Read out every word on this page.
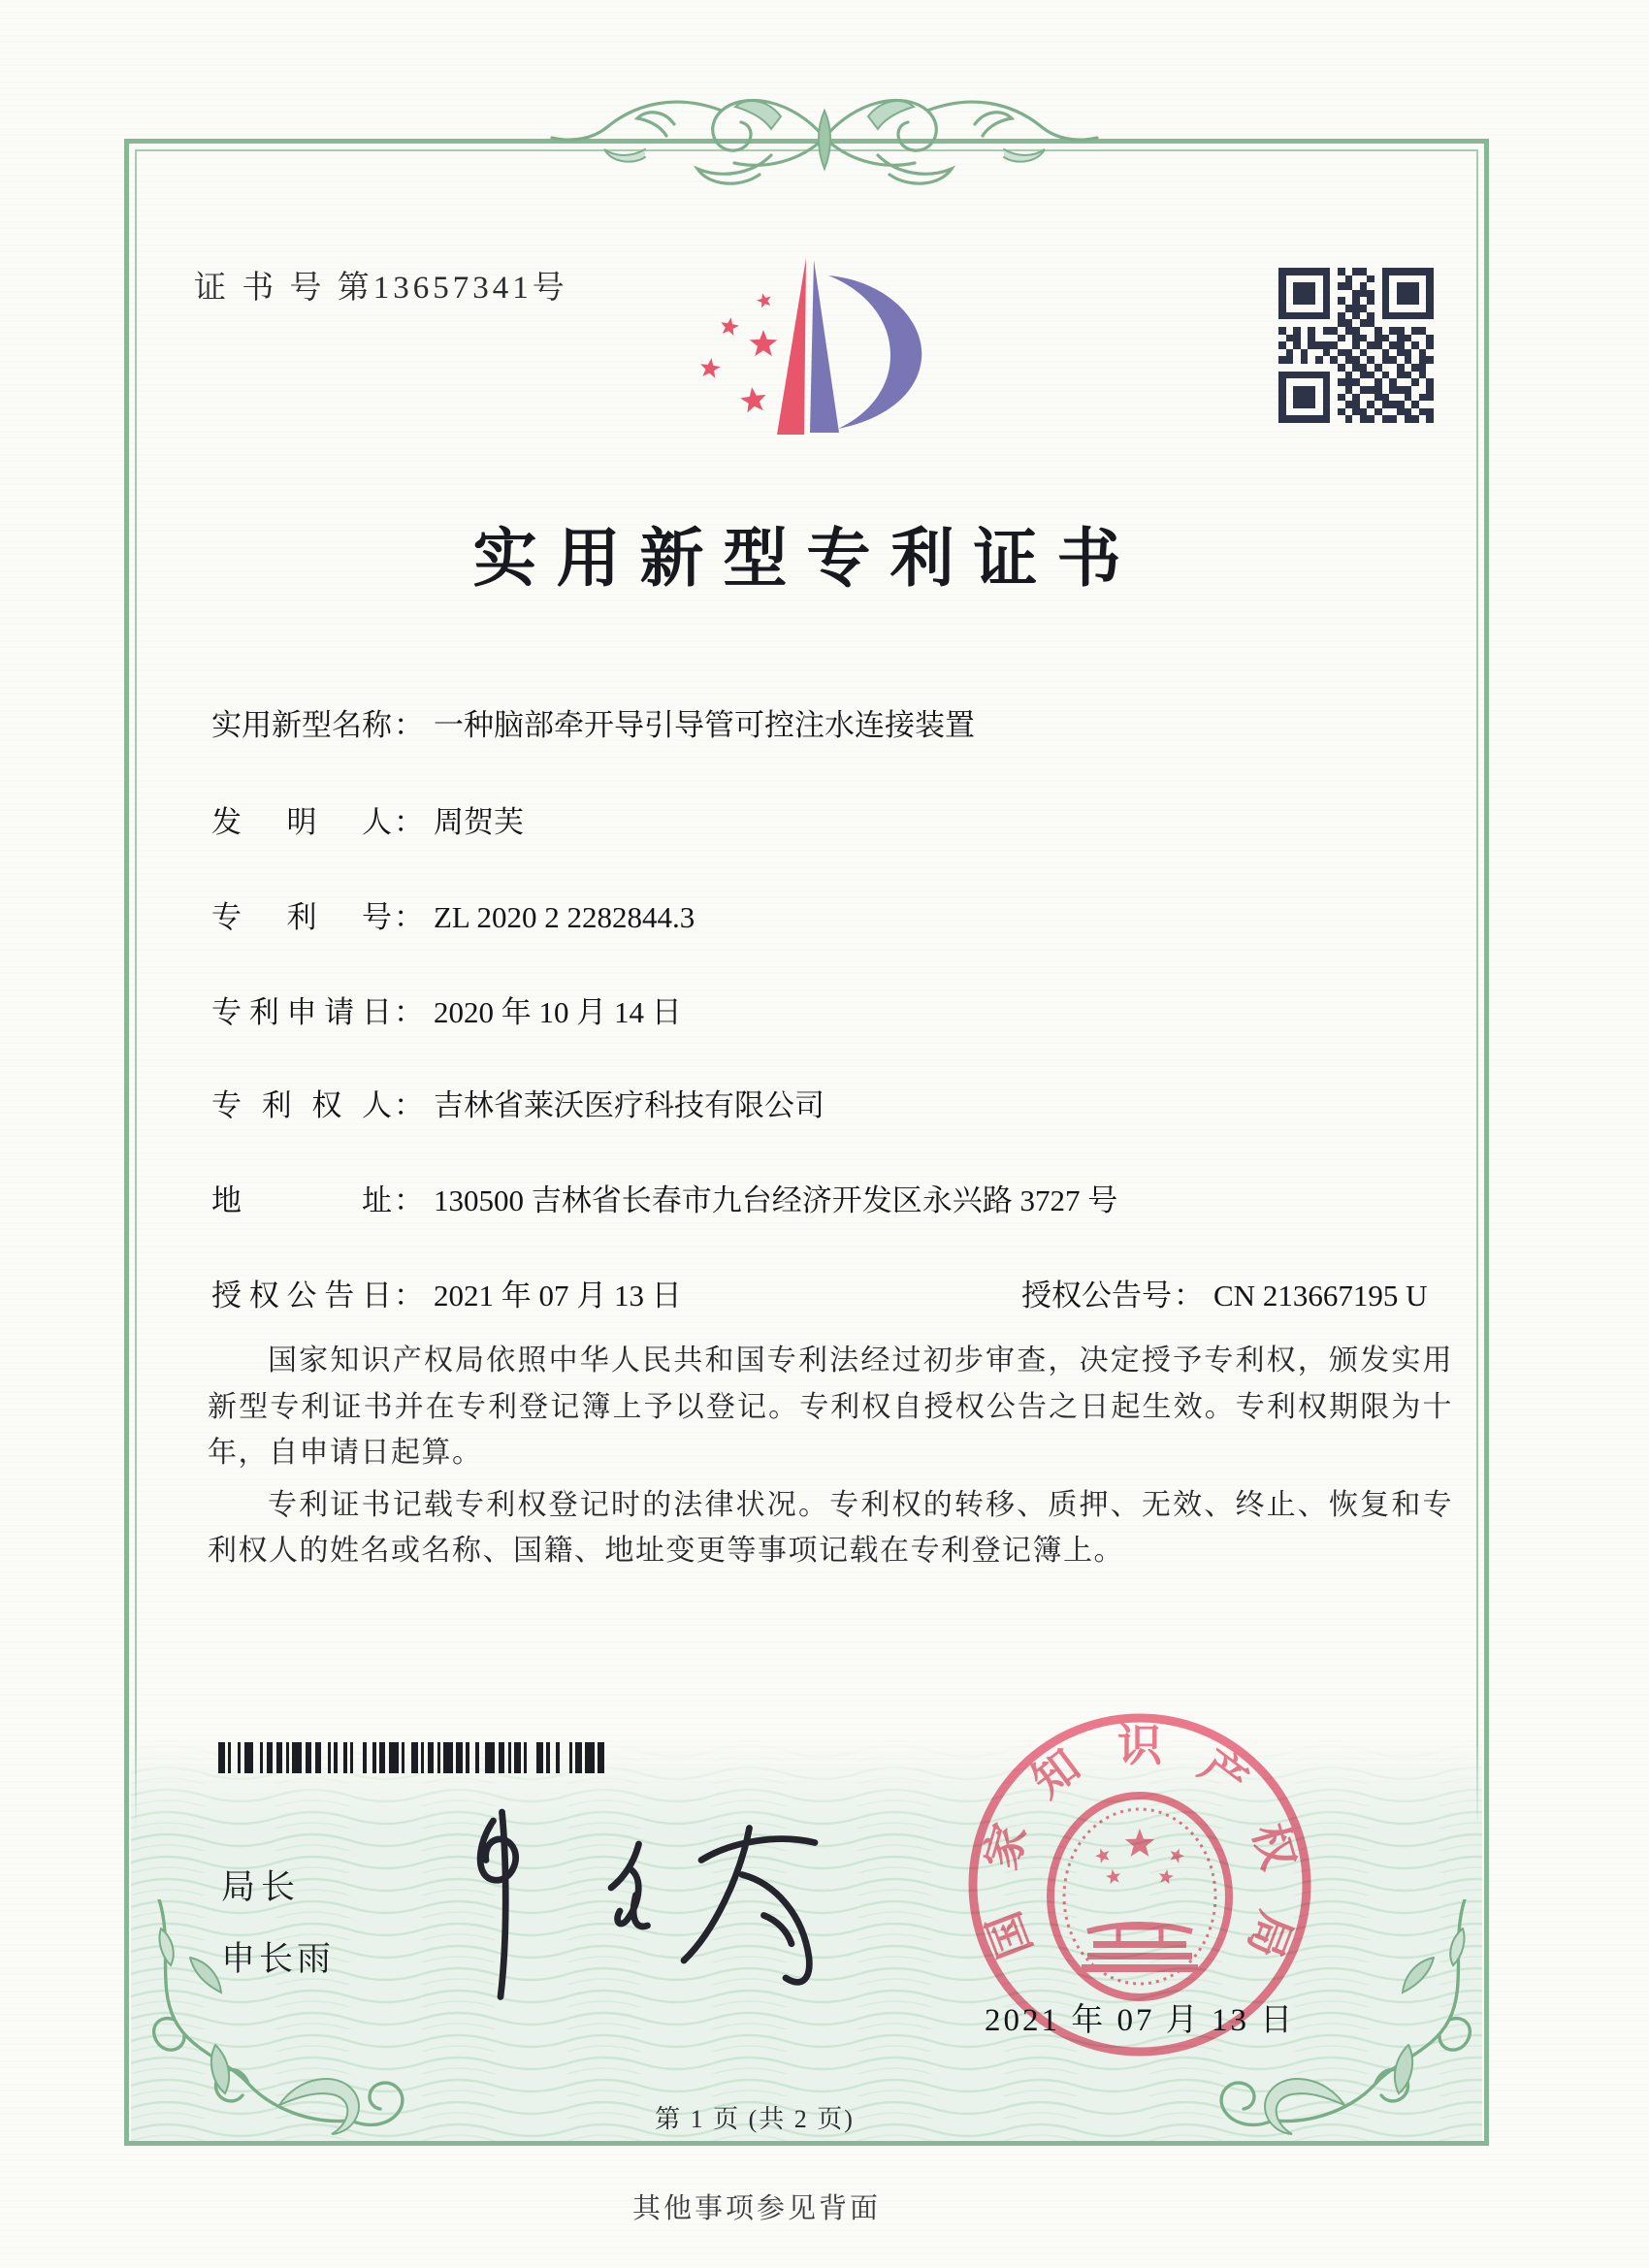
证 书 号 第13657341号
实用新型专利证书
实用新型名称： 一种脑部牵开导引导管可控注水连接装置
发明人： 周贺芙
专利号： ZL 2020 2 2282844.3
专利申请日： 2020 年 10 月 14 日
专利权人： 吉林省莱沃医疗科技有限公司
地址： 130500 吉林省长春市九台经济开发区永兴路 3727 号
授权公告日： 2021 年 07 月 13 日	授权公告号： CN 213667195 U

国家知识产权局依照中华人民共和国专利法经过初步审查，决定授予专利权，颁发实用新型专利证书并在专利登记簿上予以登记。专利权自授权公告之日起生效。专利权期限为十年，自申请日起算。

专利证书记载专利权登记时的法律状况。专利权的转移、质押、无效、终止、恢复和专利权人的姓名或名称、国籍、地址变更等事项记载在专利登记簿上。

局长
申长雨	国
家
知 识 产
权
局
2021 年 07 月 13 日
第 1 页 (共 2 页)
其他事项参见背面
